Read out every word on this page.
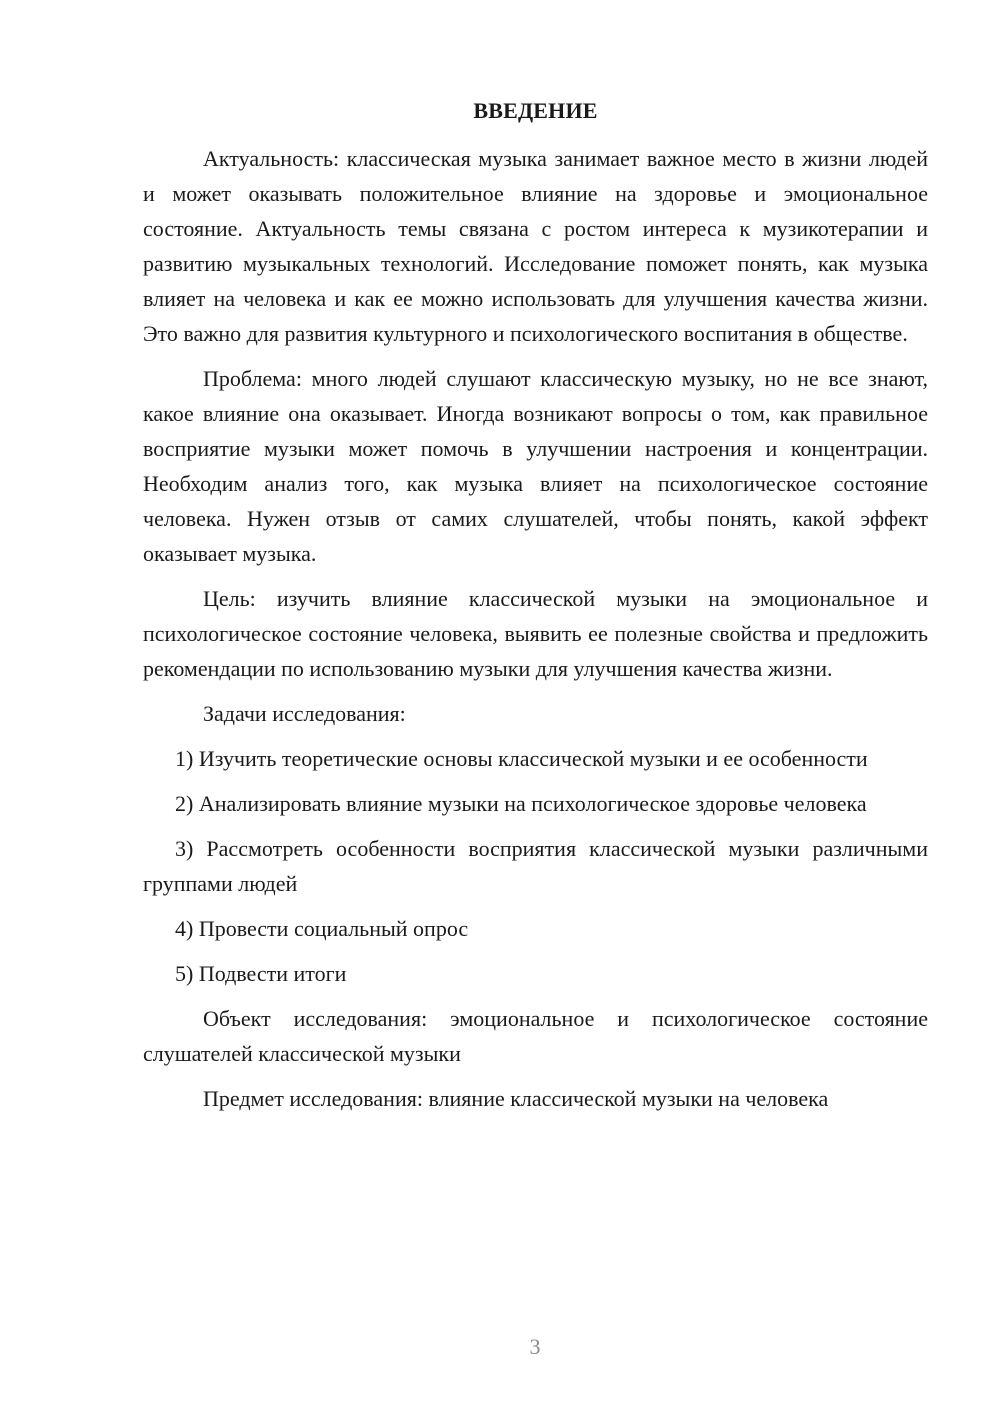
ВВЕДЕНИЕ

Актуальность: классическая музыка занимает важное место в жизни людей и может оказывать положительное влияние на здоровье и эмоциональное состояние. Актуальность темы связана с ростом интереса к музикотерапии и развитию музыкальных технологий. Исследование поможет понять, как музыка влияет на человека и как ее можно использовать для улучшения качества жизни. Это важно для развития культурного и психологического воспитания в обществе.

Проблема: много людей слушают классическую музыку, но не все знают, какое влияние она оказывает. Иногда возникают вопросы о том, как правильное восприятие музыки может помочь в улучшении настроения и концентрации. Необходим анализ того, как музыка влияет на психологическое состояние человека. Нужен отзыв от самих слушателей, чтобы понять, какой эффект оказывает музыка.

Цель: изучить влияние классической музыки на эмоциональное и психологическое состояние человека, выявить ее полезные свойства и предложить рекомендации по использованию музыки для улучшения качества жизни.

Задачи исследования:

1) Изучить теоретические основы классической музыки и ее особенности

2) Анализировать влияние музыки на психологическое здоровье человека

3) Рассмотреть особенности восприятия классической музыки различными группами людей

4) Провести социальный опрос

5) Подвести итоги

Объект исследования: эмоциональное и психологическое состояние слушателей классической музыки

Предмет исследования: влияние классической музыки на человека

3
